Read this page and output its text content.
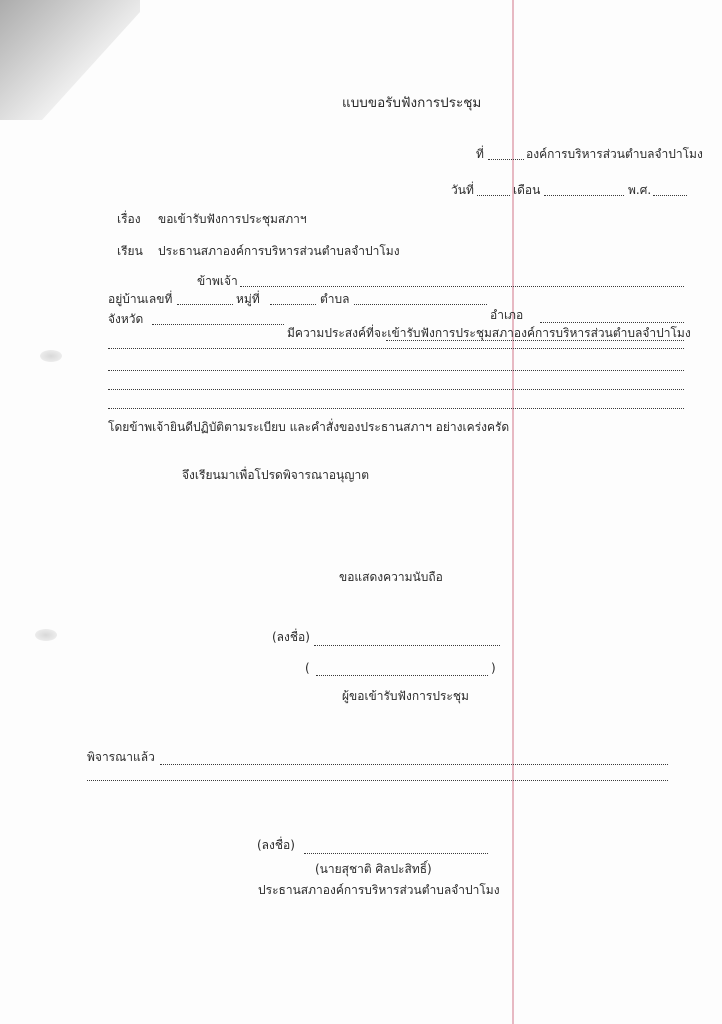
แบบขอรับฟังการประชุม
ที่	องค์การบริหารส่วนตำบลจำปาโมง
วันที่	เดือน	พ.ศ.
เรื่อง ขอเข้ารับฟังการประชุมสภาฯ
เรียน ประธานสภาองค์การบริหารส่วนตำบลจำปาโมง
ข้าพเจ้า
อยู่บ้านเลขที่	หมู่ที่	ตำบล
อำเภอ
จังหวัด
มีความประสงค์ที่จะเข้ารับฟังการประชุมสภาองค์การบริหารส่วนตำบลจำปาโมง
โดยข้าพเจ้ายินดีปฏิบัติตามระเบียบ และคำสั่งของประธานสภาฯ อย่างเคร่งครัด
จึงเรียนมาเพื่อโปรดพิจารณาอนุญาต
ขอแสดงความนับถือ
(ลงชื่อ)
(	)
ผู้ขอเข้ารับฟังการประชุม
พิจารณาแล้ว
(ลงชื่อ)
(นายสุชาติ ศิลปะสิทธิ์)
ประธานสภาองค์การบริหารส่วนตำบลจำปาโมง
